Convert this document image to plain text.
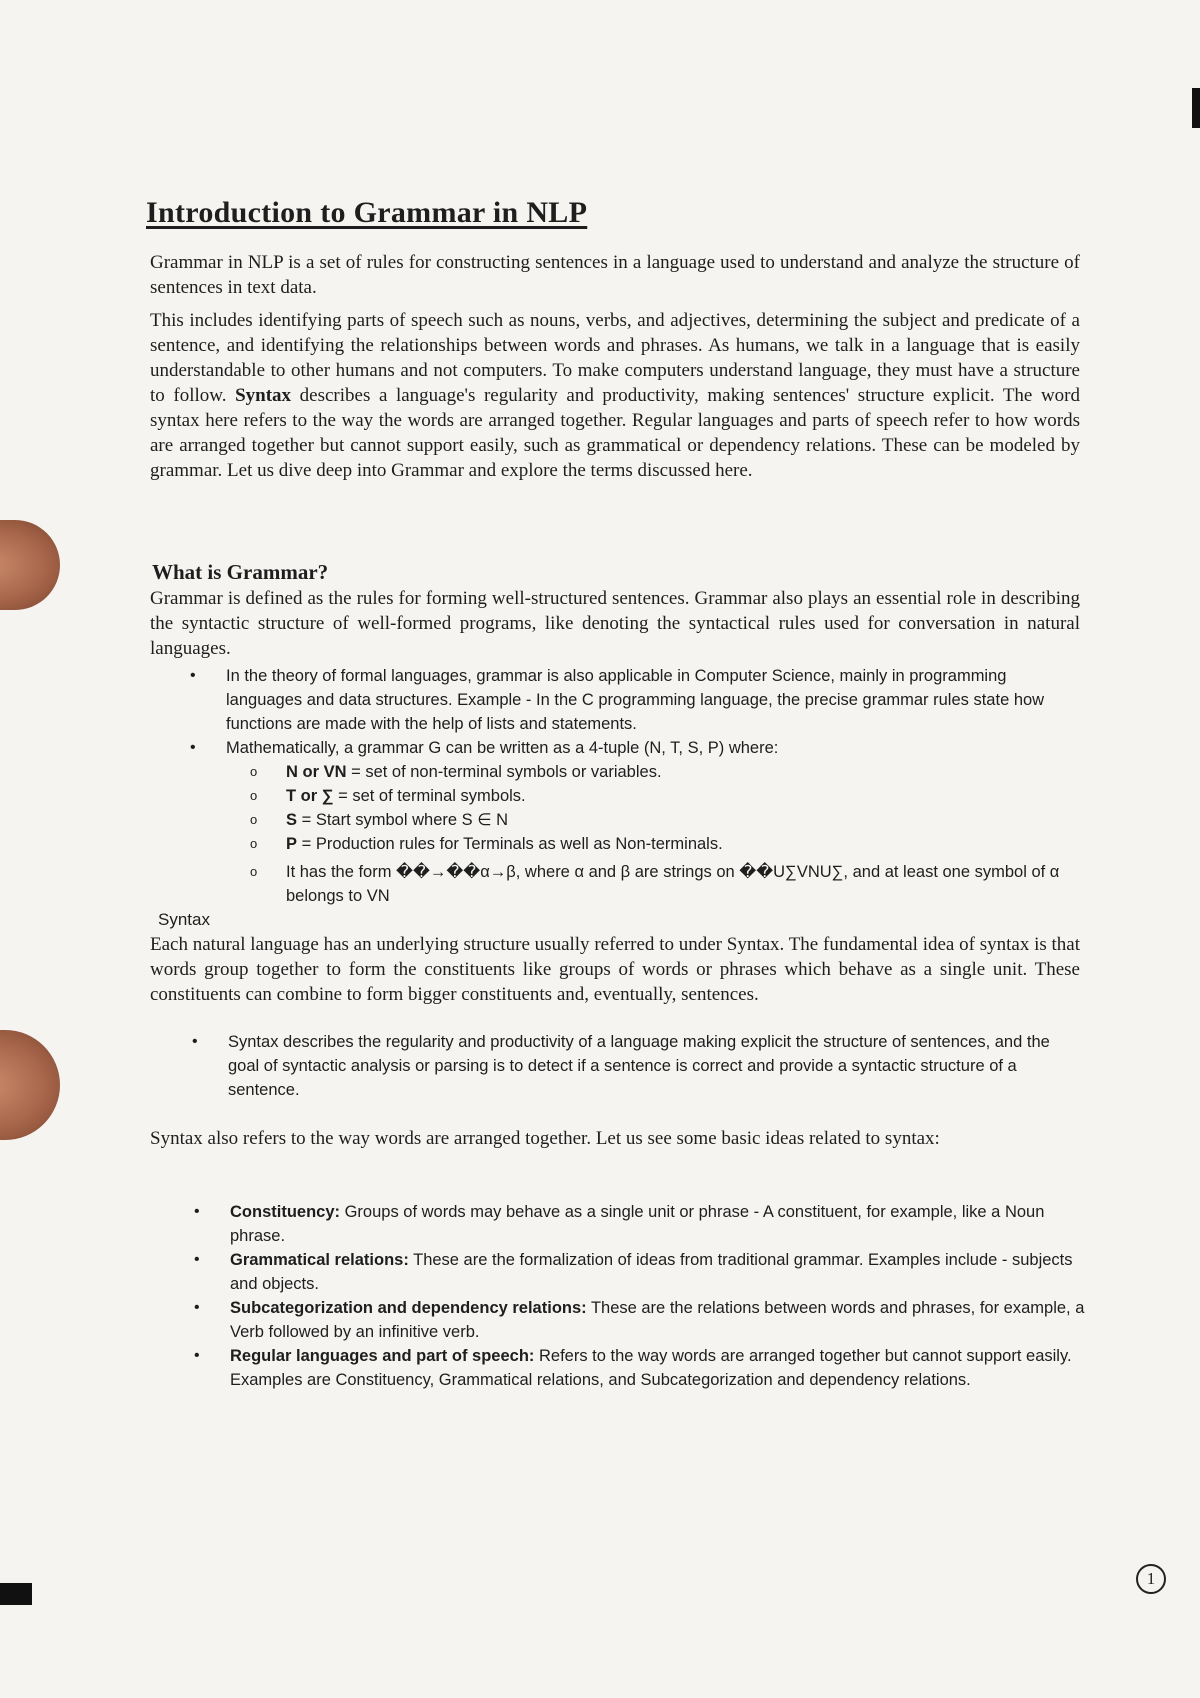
Introduction to Grammar in NLP
Grammar in NLP is a set of rules for constructing sentences in a language used to understand and analyze the structure of sentences in text data.
This includes identifying parts of speech such as nouns, verbs, and adjectives, determining the subject and predicate of a sentence, and identifying the relationships between words and phrases. As humans, we talk in a language that is easily understandable to other humans and not computers. To make computers understand language, they must have a structure to follow. Syntax describes a language's regularity and productivity, making sentences' structure explicit. The word syntax here refers to the way the words are arranged together. Regular languages and parts of speech refer to how words are arranged together but cannot support easily, such as grammatical or dependency relations. These can be modeled by grammar. Let us dive deep into Grammar and explore the terms discussed here.
What is Grammar?
Grammar is defined as the rules for forming well-structured sentences. Grammar also plays an essential role in describing the syntactic structure of well-formed programs, like denoting the syntactical rules used for conversation in natural languages.
• In the theory of formal languages, grammar is also applicable in Computer Science, mainly in programming languages and data structures. Example - In the C programming language, the precise grammar rules state how functions are made with the help of lists and statements.
• Mathematically, a grammar G can be written as a 4-tuple (N, T, S, P) where:
o N or VN = set of non-terminal symbols or variables.
o T or ∑ = set of terminal symbols.
o S = Start symbol where S ∈ N
o P = Production rules for Terminals as well as Non-terminals.
o It has the form ��→��α→β, where α and β are strings on ��U∑VNU∑, and at least one symbol of α belongs to VN
Syntax
Each natural language has an underlying structure usually referred to under Syntax. The fundamental idea of syntax is that words group together to form the constituents like groups of words or phrases which behave as a single unit. These constituents can combine to form bigger constituents and, eventually, sentences.
• Syntax describes the regularity and productivity of a language making explicit the structure of sentences, and the goal of syntactic analysis or parsing is to detect if a sentence is correct and provide a syntactic structure of a sentence.
Syntax also refers to the way words are arranged together. Let us see some basic ideas related to syntax:
• Constituency: Groups of words may behave as a single unit or phrase - A constituent, for example, like a Noun phrase.
• Grammatical relations: These are the formalization of ideas from traditional grammar. Examples include - subjects and objects.
• Subcategorization and dependency relations: These are the relations between words and phrases, for example, a Verb followed by an infinitive verb.
• Regular languages and part of speech: Refers to the way words are arranged together but cannot support easily. Examples are Constituency, Grammatical relations, and Subcategorization and dependency relations.
1
